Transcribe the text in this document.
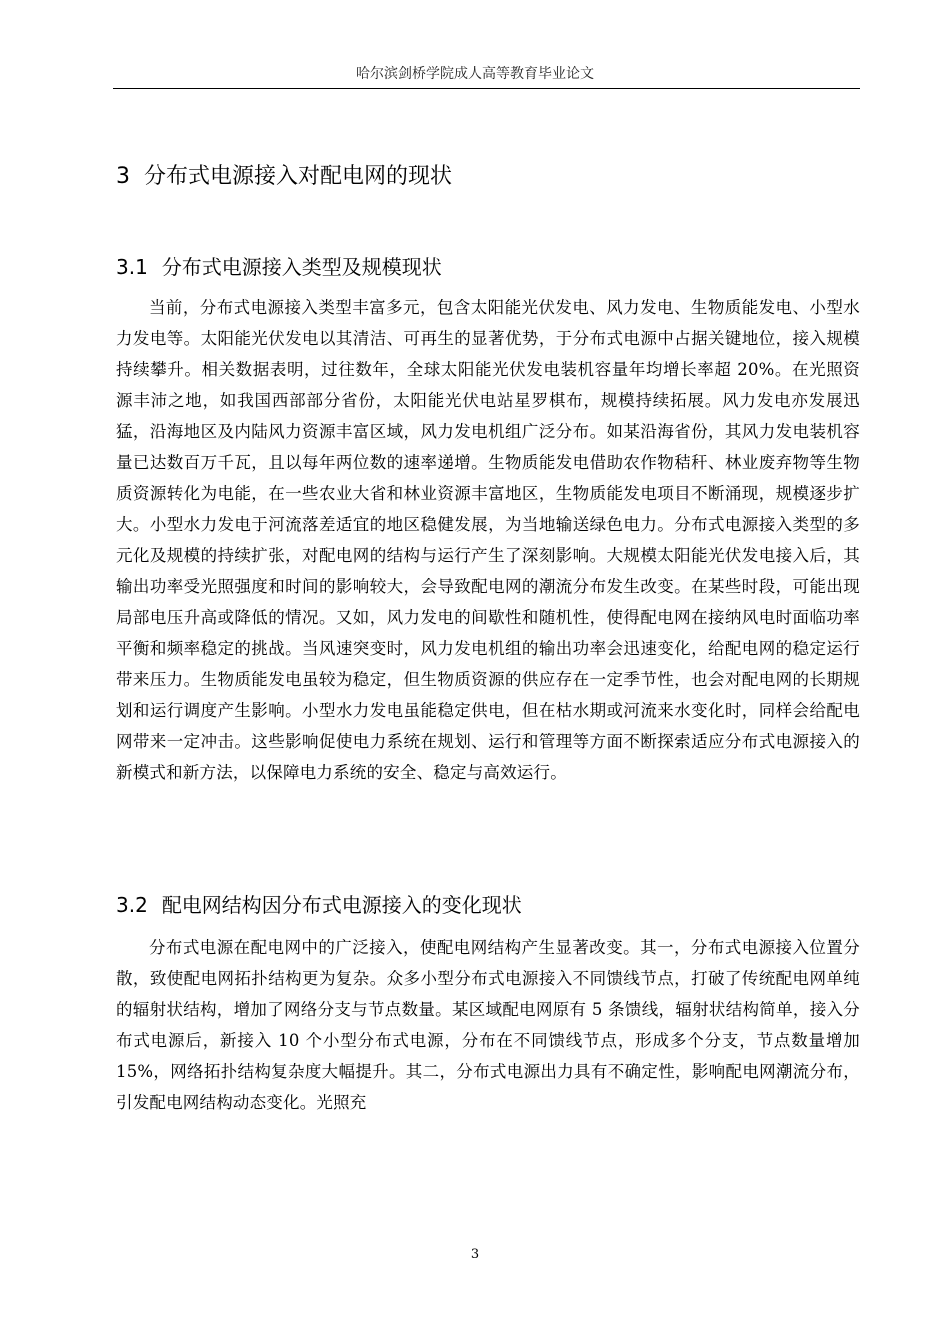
哈尔滨剑桥学院成人高等教育毕业论文
3 分布式电源接入对配电网的现状
3.1 分布式电源接入类型及规模现状

当前，分布式电源接入类型丰富多元，包含太阳能光伏发电、风力发电、生物质能发电、小型水力发电等。太阳能光伏发电以其清洁、可再生的显著优势，于分布式电源中占据关键地位，接入规模持续攀升。相关数据表明，过往数年，全球太阳能光伏发电装机容量年均增长率超 20%。在光照资源丰沛之地，如我国西部部分省份，太阳能光伏电站星罗棋布，规模持续拓展。风力发电亦发展迅猛，沿海地区及内陆风力资源丰富区域，风力发电机组广泛分布。如某沿海省份，其风力发电装机容量已达数百万千瓦，且以每年两位数的速率递增。生物质能发电借助农作物秸秆、林业废弃物等生物质资源转化为电能，在一些农业大省和林业资源丰富地区，生物质能发电项目不断涌现，规模逐步扩大。小型水力发电于河流落差适宜的地区稳健发展，为当地输送绿色电力。分布式电源接入类型的多元化及规模的持续扩张，对配电网的结构与运行产生了深刻影响。大规模太阳能光伏发电接入后，其输出功率受光照强度和时间的影响较大，会导致配电网的潮流分布发生改变。在某些时段，可能出现局部电压升高或降低的情况。又如，风力发电的间歇性和随机性，使得配电网在接纳风电时面临功率平衡和频率稳定的挑战。当风速突变时，风力发电机组的输出功率会迅速变化，给配电网的稳定运行带来压力。生物质能发电虽较为稳定，但生物质资源的供应存在一定季节性，也会对配电网的长期规划和运行调度产生影响。小型水力发电虽能稳定供电，但在枯水期或河流来水变化时，同样会给配电网带来一定冲击。这些影响促使电力系统在规划、运行和管理等方面不断探索适应分布式电源接入的新模式和新方法，以保障电力系统的安全、稳定与高效运行。

3.2 配电网结构因分布式电源接入的变化现状

分布式电源在配电网中的广泛接入，使配电网结构产生显著改变。其一，分布式电源接入位置分散，致使配电网拓扑结构更为复杂。众多小型分布式电源接入不同馈线节点，打破了传统配电网单纯的辐射状结构，增加了网络分支与节点数量。某区域配电网原有 5 条馈线，辐射状结构简单，接入分布式电源后，新接入 10 个小型分布式电源，分布在不同馈线节点，形成多个分支，节点数量增加 15%，网络拓扑结构复杂度大幅提升。其二，分布式电源出力具有不确定性，影响配电网潮流分布，引发配电网结构动态变化。光照充

3
